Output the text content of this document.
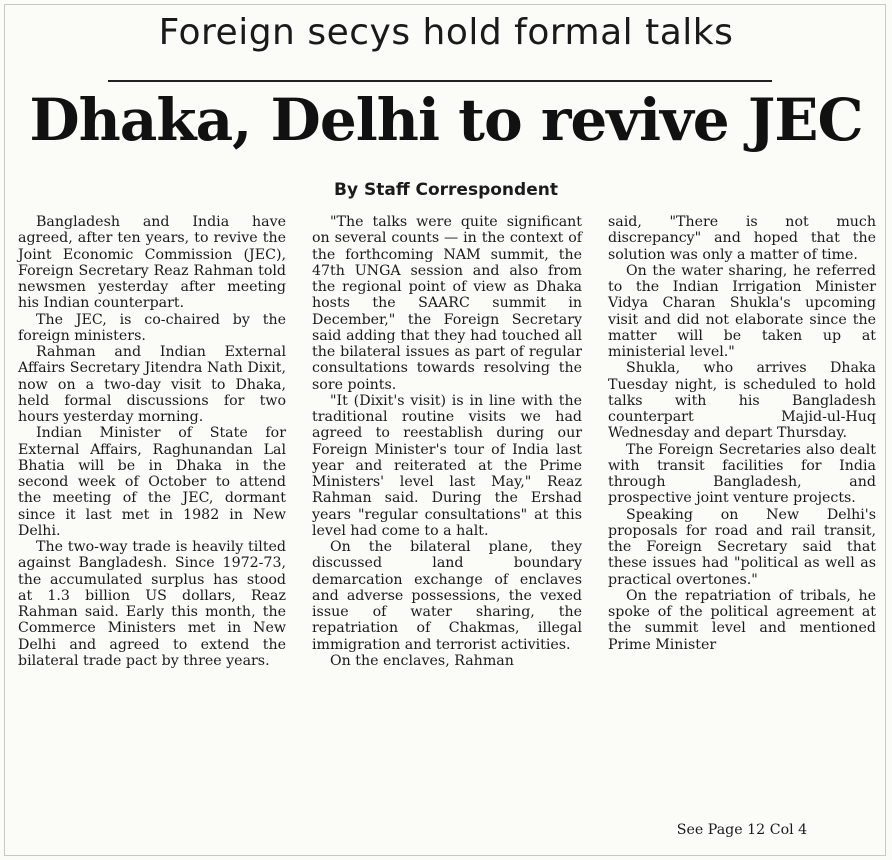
Foreign secys hold formal talks
Dhaka, Delhi to revive JEC
By Staff Correspondent

Bangladesh and India have agreed, after ten years, to revive the Joint Economic Commission (JEC), Foreign Secretary Reaz Rahman told newsmen yesterday after meeting his Indian counterpart.

The JEC, is co-chaired by the foreign ministers.

Rahman and Indian External Affairs Secretary Jitendra Nath Dixit, now on a two-day visit to Dhaka, held formal discussions for two hours yesterday morning.

Indian Minister of State for External Affairs, Raghunandan Lal Bhatia will be in Dhaka in the second week of October to attend the meeting of the JEC, dormant since it last met in 1982 in New Delhi.

The two-way trade is heavily tilted against Bangladesh. Since 1972-73, the accumulated surplus has stood at 1.3 billion US dollars, Reaz Rahman said. Early this month, the Commerce Ministers met in New Delhi and agreed to extend the bilateral trade pact by three years.

"The talks were quite significant on several counts — in the context of the forthcoming NAM summit, the 47th UNGA session and also from the regional point of view as Dhaka hosts the SAARC summit in December," the Foreign Secretary said adding that they had touched all the bilateral issues as part of regular consultations towards resolving the sore points.

"It (Dixit's visit) is in line with the traditional routine visits we had agreed to reestablish during our Foreign Minister's tour of India last year and reiterated at the Prime Ministers' level last May," Reaz Rahman said. During the Ershad years "regular consultations" at this level had come to a halt.

On the bilateral plane, they discussed land boundary demarcation exchange of enclaves and adverse possessions, the vexed issue of water sharing, the repatriation of Chakmas, illegal immigration and terrorist activities.

On the enclaves, Rahman

said, "There is not much discrepancy" and hoped that the solution was only a matter of time.

On the water sharing, he referred to the Indian Irrigation Minister Vidya Charan Shukla's upcoming visit and did not elaborate since the matter will be taken up at ministerial level."

Shukla, who arrives Dhaka Tuesday night, is scheduled to hold talks with his Bangladesh counterpart Majid-ul-Huq Wednesday and depart Thursday.

The Foreign Secretaries also dealt with transit facilities for India through Bangladesh, and prospective joint venture projects.

Speaking on New Delhi's proposals for road and rail transit, the Foreign Secretary said that these issues had "political as well as practical overtones."

On the repatriation of tribals, he spoke of the political agreement at the summit level and mentioned Prime Minister

See Page 12 Col 4
